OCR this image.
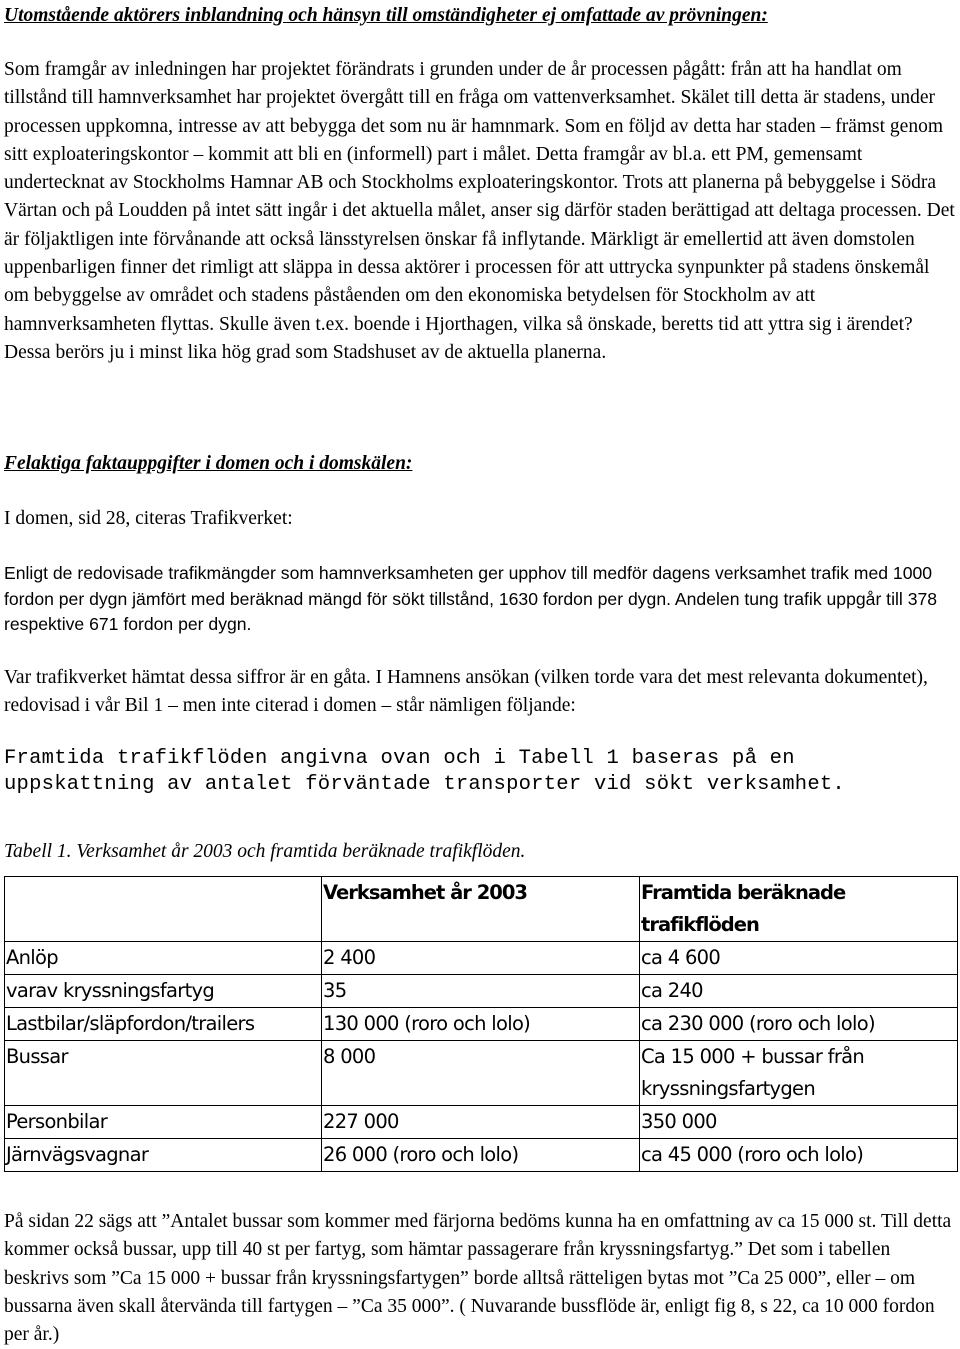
Utomstående aktörers inblandning och hänsyn till omständigheter ej omfattade av prövningen:

Som framgår av inledningen har projektet förändrats i grunden under de år processen pågått: från att ha handlat om tillstånd till hamnverksamhet har projektet övergått till en fråga om vattenverksamhet. Skälet till detta är stadens, under processen uppkomna, intresse av att bebygga det som nu är hamnmark. Som en följd av detta har staden – främst genom sitt exploateringskontor – kommit att bli en (informell) part i målet. Detta framgår av bl.a. ett PM, gemensamt undertecknat av Stockholms Hamnar AB och Stockholms exploateringskontor. Trots att planerna på bebyggelse i Södra Värtan och på Loudden på intet sätt ingår i det aktuella målet, anser sig därför staden berättigad att deltaga processen. Det är följaktligen inte förvånande att också länsstyrelsen önskar få inflytande. Märkligt är emellertid att även domstolen uppenbarligen finner det rimligt att släppa in dessa aktörer i processen för att uttrycka synpunkter på stadens önskemål om bebyggelse av området och stadens påståenden om den ekonomiska betydelsen för Stockholm av att hamnverksamheten flyttas. Skulle även t.ex. boende i Hjorthagen, vilka så önskade, beretts tid att yttra sig i ärendet? Dessa berörs ju i minst lika hög grad som Stadshuset av de aktuella planerna.

Felaktiga faktauppgifter i domen och i domskälen:

I domen, sid 28, citeras Trafikverket:

Enligt de redovisade trafikmängder som hamnverksamheten ger upphov till medför dagens verksamhet trafik med 1000 fordon per dygn jämfört med beräknad mängd för sökt tillstånd, 1630 fordon per dygn. Andelen tung trafik uppgår till 378 respektive 671 fordon per dygn.

Var trafikverket hämtat dessa siffror är en gåta. I Hamnens ansökan (vilken torde vara det mest relevanta dokumentet), redovisad i vår Bil 1 – men inte citerad i domen – står nämligen följande:

Framtida trafikflöden angivna ovan och i Tabell 1 baseras på en uppskattning av antalet förväntade transporter vid sökt verksamhet.

Tabell 1. Verksamhet år 2003 och framtida beräknade trafikflöden.

	Verksamhet år 2003	Framtida beräknade trafikflöden
Anlöp	2 400	ca 4 600
varav kryssningsfartyg	35	ca 240
Lastbilar/släpfordon/trailers	130 000 (roro och lolo)	ca 230 000 (roro och lolo)
Bussar	8 000	Ca 15 000 + bussar från kryssningsfartygen
Personbilar	227 000	350 000
Järnvägsvagnar	26 000 (roro och lolo)	ca 45 000 (roro och lolo)

På sidan 22 sägs att ”Antalet bussar som kommer med färjorna bedöms kunna ha en omfattning av ca 15 000 st. Till detta kommer också bussar, upp till 40 st per fartyg, som hämtar passagerare från kryssningsfartyg.” Det som i tabellen beskrivs som ”Ca 15 000 + bussar från kryssningsfartygen” borde alltså rätteligen bytas mot ”Ca 25 000”, eller – om bussarna även skall återvända till fartygen – ”Ca 35 000”. ( Nuvarande bussflöde är, enligt fig 8, s 22, ca 10 000 fordon per år.)
